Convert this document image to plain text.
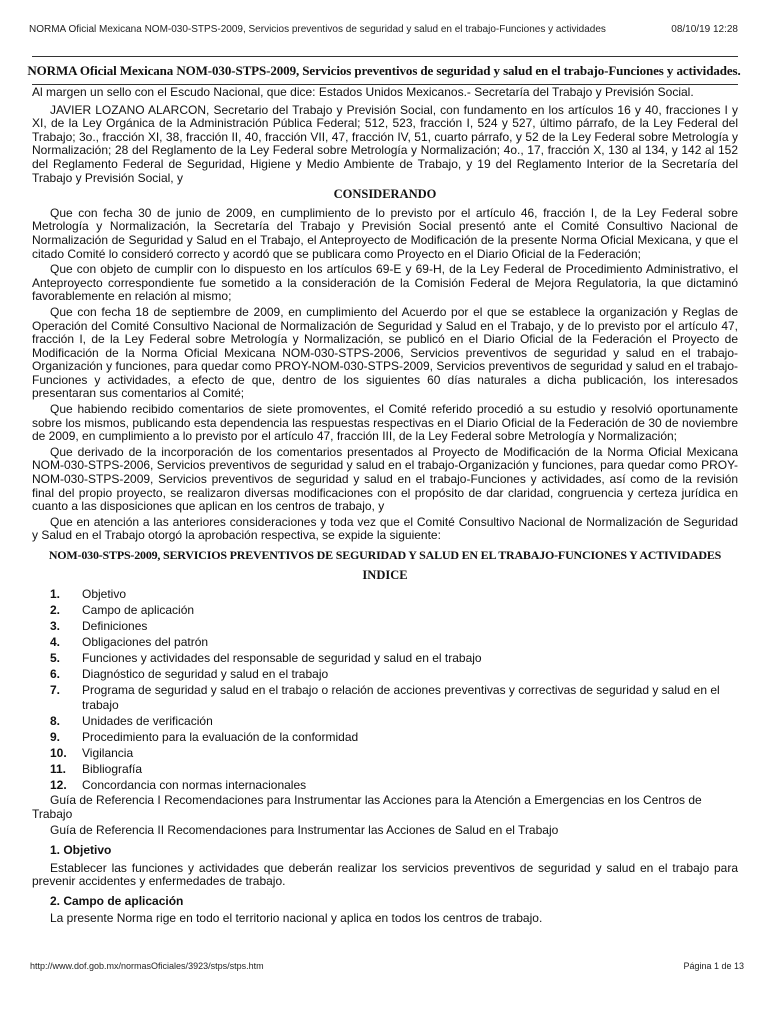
NORMA Oficial Mexicana NOM-030-STPS-2009, Servicios preventivos de seguridad y salud en el trabajo-Funciones y actividades	08/10/19 12:28
NORMA Oficial Mexicana NOM-030-STPS-2009, Servicios preventivos de seguridad y salud en el trabajo-Funciones y actividades.

Al margen un sello con el Escudo Nacional, que dice: Estados Unidos Mexicanos.- Secretaría del Trabajo y Previsión Social.

JAVIER LOZANO ALARCON, Secretario del Trabajo y Previsión Social, con fundamento en los artículos 16 y 40, fracciones I y XI, de la Ley Orgánica de la Administración Pública Federal; 512, 523, fracción I, 524 y 527, último párrafo, de la Ley Federal del Trabajo; 3o., fracción XI, 38, fracción II, 40, fracción VII, 47, fracción IV, 51, cuarto párrafo, y 52 de la Ley Federal sobre Metrología y Normalización; 28 del Reglamento de la Ley Federal sobre Metrología y Normalización; 4o., 17, fracción X, 130 al 134, y 142 al 152 del Reglamento Federal de Seguridad, Higiene y Medio Ambiente de Trabajo, y 19 del Reglamento Interior de la Secretaría del Trabajo y Previsión Social, y

CONSIDERANDO

Que con fecha 30 de junio de 2009, en cumplimiento de lo previsto por el artículo 46, fracción I, de la Ley Federal sobre Metrología y Normalización, la Secretaría del Trabajo y Previsión Social presentó ante el Comité Consultivo Nacional de Normalización de Seguridad y Salud en el Trabajo, el Anteproyecto de Modificación de la presente Norma Oficial Mexicana, y que el citado Comité lo consideró correcto y acordó que se publicara como Proyecto en el Diario Oficial de la Federación;

Que con objeto de cumplir con lo dispuesto en los artículos 69-E y 69-H, de la Ley Federal de Procedimiento Administrativo, el Anteproyecto correspondiente fue sometido a la consideración de la Comisión Federal de Mejora Regulatoria, la que dictaminó favorablemente en relación al mismo;

Que con fecha 18 de septiembre de 2009, en cumplimiento del Acuerdo por el que se establece la organización y Reglas de Operación del Comité Consultivo Nacional de Normalización de Seguridad y Salud en el Trabajo, y de lo previsto por el artículo 47, fracción I, de la Ley Federal sobre Metrología y Normalización, se publicó en el Diario Oficial de la Federación el Proyecto de Modificación de la Norma Oficial Mexicana NOM-030-STPS-2006, Servicios preventivos de seguridad y salud en el trabajo-Organización y funciones, para quedar como PROY-NOM-030-STPS-2009, Servicios preventivos de seguridad y salud en el trabajo-Funciones y actividades, a efecto de que, dentro de los siguientes 60 días naturales a dicha publicación, los interesados presentaran sus comentarios al Comité;

Que habiendo recibido comentarios de siete promoventes, el Comité referido procedió a su estudio y resolvió oportunamente sobre los mismos, publicando esta dependencia las respuestas respectivas en el Diario Oficial de la Federación de 30 de noviembre de 2009, en cumplimiento a lo previsto por el artículo 47, fracción III, de la Ley Federal sobre Metrología y Normalización;

Que derivado de la incorporación de los comentarios presentados al Proyecto de Modificación de la Norma Oficial Mexicana NOM-030-STPS-2006, Servicios preventivos de seguridad y salud en el trabajo-Organización y funciones, para quedar como PROY-NOM-030-STPS-2009, Servicios preventivos de seguridad y salud en el trabajo-Funciones y actividades, así como de la revisión final del propio proyecto, se realizaron diversas modificaciones con el propósito de dar claridad, congruencia y certeza jurídica en cuanto a las disposiciones que aplican en los centros de trabajo, y

Que en atención a las anteriores consideraciones y toda vez que el Comité Consultivo Nacional de Normalización de Seguridad y Salud en el Trabajo otorgó la aprobación respectiva, se expide la siguiente:

NOM-030-STPS-2009, SERVICIOS PREVENTIVOS DE SEGURIDAD Y SALUD EN EL TRABAJO-FUNCIONES Y ACTIVIDADES
INDICE
1. Objetivo
2. Campo de aplicación
3. Definiciones
4. Obligaciones del patrón
5. Funciones y actividades del responsable de seguridad y salud en el trabajo
6. Diagnóstico de seguridad y salud en el trabajo
7. Programa de seguridad y salud en el trabajo o relación de acciones preventivas y correctivas de seguridad y salud en el trabajo
8. Unidades de verificación
9. Procedimiento para la evaluación de la conformidad
10. Vigilancia
11. Bibliografía
12. Concordancia con normas internacionales

Guía de Referencia I Recomendaciones para Instrumentar las Acciones para la Atención a Emergencias en los Centros de Trabajo

Guía de Referencia II Recomendaciones para Instrumentar las Acciones de Salud en el Trabajo

1. Objetivo

Establecer las funciones y actividades que deberán realizar los servicios preventivos de seguridad y salud en el trabajo para prevenir accidentes y enfermedades de trabajo.

2. Campo de aplicación

La presente Norma rige en todo el territorio nacional y aplica en todos los centros de trabajo.

http://www.dof.gob.mx/normasOficiales/3923/stps/stps.htm	Página 1 de 13
